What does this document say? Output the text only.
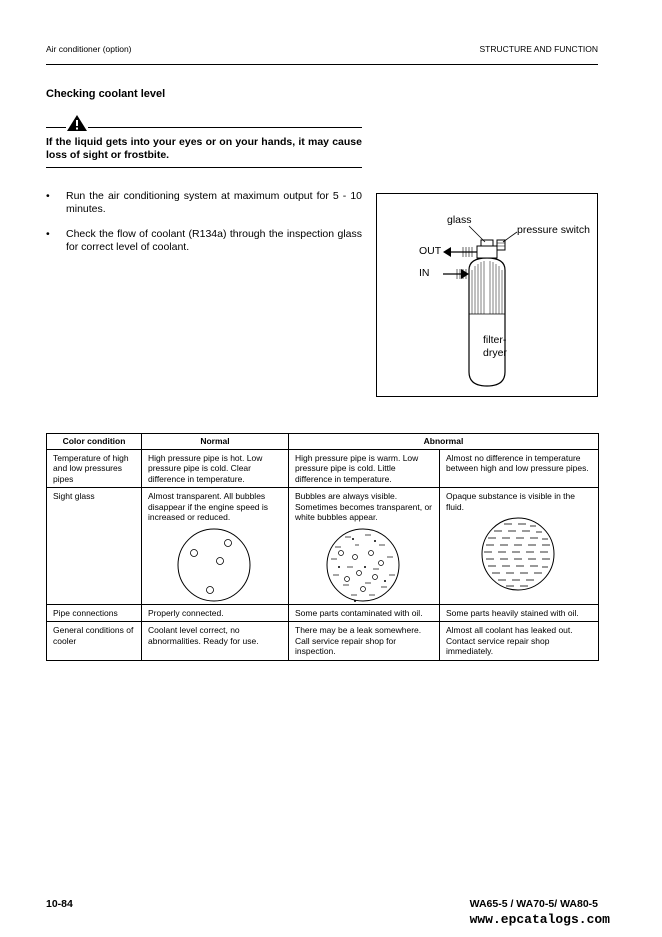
Air conditioner (option)	STRUCTURE AND FUNCTION
Checking coolant level
If the liquid gets into your eyes or on your hands, it may cause loss of sight or frostbite.
• Run the air conditioning system at maximum output for 5 - 10 minutes.
• Check the flow of coolant (R134a) through the inspection glass for correct level of coolant.
glass
pressure switch
OUT
IN
filter-
dryer
Color condition	Normal	Abnormal	
Temperature of high and low pressures pipes	High pressure pipe is hot. Low pressure pipe is cold. Clear difference in temperature.	High pressure pipe is warm. Low pressure pipe is cold. Little difference in temperature.	Almost no difference in temperature between high and low pressure pipes.
Sight glass	Almost transparent. All bubbles disappear if the engine speed is increased or reduced.	Bubbles are always visible. Sometimes becomes transparent, or white bubbles appear.	Opaque substance is visible in the fluid.

Pipe connections	Properly connected.	Some parts contaminated with oil.	Some parts heavily stained with oil.
General conditions of cooler	Coolant level correct, no abnormalities. Ready for use.	There may be a leak somewhere. Call service repair shop for inspection.	Almost all coolant has leaked out. Contact service repair shop immediately.
10-84	WA65-5 / WA70-5/ WA80-5
www.epcatalogs.com
